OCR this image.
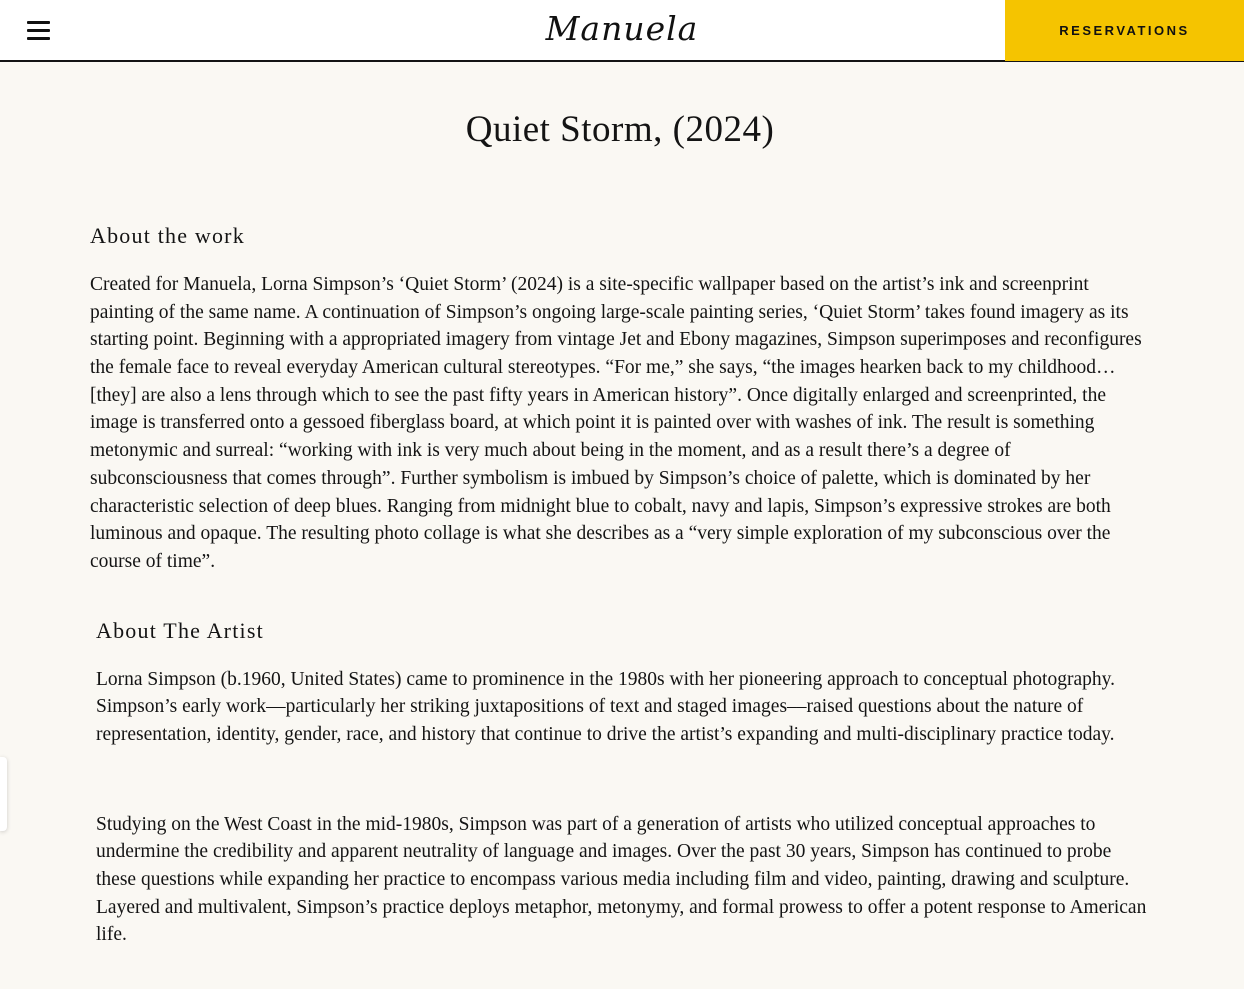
Manuela	RESERVATIONS
Quiet Storm, (2024)
About the work

Created for Manuela, Lorna Simpson’s ‘Quiet Storm’ (2024) is a site-specific wallpaper based on the artist’s ink and screenprint painting of the same name. A continuation of Simpson’s ongoing large-scale painting series, ‘Quiet Storm’ takes found imagery as its starting point. Beginning with a appropriated imagery from vintage Jet and Ebony magazines, Simpson superimposes and reconfigures the female face to reveal everyday American cultural stereotypes. “For me,” she says, “the images hearken back to my childhood… [they] are also a lens through which to see the past fifty years in American history”. Once digitally enlarged and screenprinted, the image is transferred onto a gessoed fiberglass board, at which point it is painted over with washes of ink. The result is something metonymic and surreal: “working with ink is very much about being in the moment, and as a result there’s a degree of subconsciousness that comes through”. Further symbolism is imbued by Simpson’s choice of palette, which is dominated by her characteristic selection of deep blues. Ranging from midnight blue to cobalt, navy and lapis, Simpson’s expressive strokes are both luminous and opaque. The resulting photo collage is what she describes as a “very simple exploration of my subconscious over the course of time”.

About The Artist

Lorna Simpson (b.1960, United States) came to prominence in the 1980s with her pioneering approach to conceptual photography. Simpson’s early work––particularly her striking juxtapositions of text and staged images––raised questions about the nature of representation, identity, gender, race, and history that continue to drive the artist’s expanding and multi-disciplinary practice today.

Studying on the West Coast in the mid-1980s, Simpson was part of a generation of artists who utilized conceptual approaches to undermine the credibility and apparent neutrality of language and images. Over the past 30 years, Simpson has continued to probe these questions while expanding her practice to encompass various media including film and video, painting, drawing and sculpture. Layered and multivalent, Simpson’s practice deploys metaphor, metonymy, and formal prowess to offer a potent response to American life.
